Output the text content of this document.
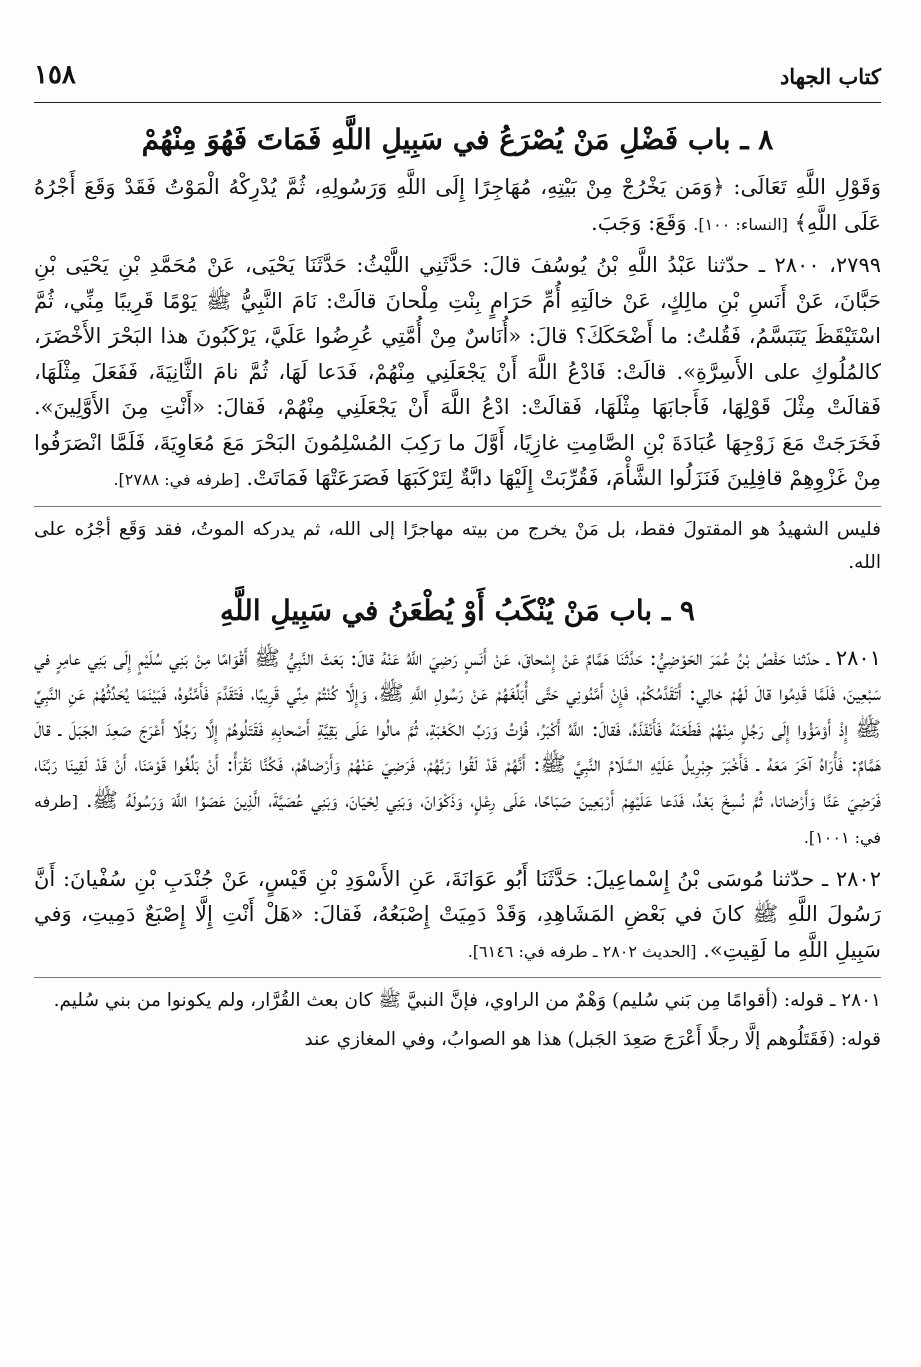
كتاب الجهاد
١٥٨
٨ ـ باب فَضْلِ مَنْ يُصْرَعُ في سَبِيلِ اللَّهِ فَمَاتَ فَهُوَ مِنْهُمْ

وَقَوْلِ اللَّهِ تَعَالَى: ﴿وَمَن يَخْرُجْ مِنْ بَيْتِهِ، مُهَاجِرًا إِلَى اللَّهِ وَرَسُولِهِ، ثُمَّ يُدْرِكْهُ الْمَوْتُ فَقَدْ وَقَعَ أَجْرُهُ عَلَى اللَّهِ﴾ [النساء: ١٠٠]. وَقَعَ: وَجَبَ.

٢٧٩٩، ٢٨٠٠ ـ حدّثنا عَبْدُ اللَّهِ بْنُ يُوسُفَ قالَ: حَدَّثَنِي اللَّيْثُ: حَدَّثَنَا يَحْيَى، عَنْ مُحَمَّدِ بْنِ يَحْيَى بْنِ حَبَّانَ، عَنْ أَنَسِ بْنِ مالِكٍ، عَنْ خالَتِهِ أُمِّ حَرَامٍ بِنْتِ مِلْحانَ قالَتْ: نَامَ النَّبِيُّ ﷺ يَوْمًا قَرِيبًا مِنِّي، ثُمَّ اسْتَيْقَظَ يَتَبَسَّمُ، فَقُلتُ: ما أَضْحَكَكَ؟ قالَ: «أُنَاسٌ مِنْ أُمَّتِي عُرِضُوا عَلَيَّ، يَرْكَبُونَ هذا البَحْرَ الأَخْضَرَ، كالمُلُوكِ على الأَسِرَّةِ». قالَتْ: فَادْعُ اللَّهَ أَنْ يَجْعَلَنِي مِنْهُمْ، فَدَعا لَهَا، ثُمَّ نامَ الثَّانِيَةَ، فَفَعَلَ مِثْلَهَا، فَقالَتْ مِثْلَ قَوْلِهَا، فَأَجابَهَا مِثْلَهَا، فَقالَتْ: ادْعُ اللَّهَ أَنْ يَجْعَلَنِي مِنْهُمْ، فَقالَ: «أَنْتِ مِنَ الأَوَّلِينَ». فَخَرَجَتْ مَعَ زَوْجِهَا عُبَادَةَ بْنِ الصَّامِتِ غازِيًا، أَوَّلَ ما رَكِبَ المُسْلِمُونَ البَحْرَ مَعَ مُعَاوِيَةَ، فَلَمَّا انْصَرَفُوا مِنْ غَزْوِهِمْ قافِلِينَ فَنَزَلُوا الشَّأْمَ، فَقُرِّبَتْ إِلَيْهَا دابَّةٌ لِتَرْكَبَهَا فَصَرَعَتْهَا فَمَاتَتْ. [طرفه في: ٢٧٨٨].

فليس الشهيدُ هو المقتولَ فقط، بل مَنْ يخرج من بيته مهاجرًا إلى الله، ثم يدركه الموتُ، فقد وَقَع أجْرُه على الله.

٩ ـ باب مَنْ يُنْكَبُ أَوْ يُطْعَنُ في سَبِيلِ اللَّهِ

٢٨٠١ ـ حدّثنا حَفْصُ بْنُ عُمَرَ الحَوْضِيُّ: حَدَّثَنَا هَمَّامٌ عَنْ إِسْحاقَ، عَنْ أَنَسٍ رَضِيَ اللَّهُ عَنْهُ قالَ: بَعَثَ النَّبِيُّ ﷺ أَقْوَامًا مِنْ بَنِي سُلَيْمٍ إِلَى بَنِي عامِرٍ في سَبْعِينَ، فَلَمَّا قَدِمُوا قالَ لَهُمْ خالِي: أَتَقَدَّمُكُمْ، فَإِنْ أَمَّنُونِي حَتَّى أُبَلِّغَهُمْ عَنْ رَسُولِ اللَّهِ ﷺ، وَإِلَّا كُنْتُمْ مِنِّي قَرِيبًا، فَتَقَدَّمَ فَأَمَّنُوهُ، فَبَيْنَمَا يُحَدِّثُهُمْ عَنِ النَّبِيِّ ﷺ إِذْ أَوْمَؤُوا إِلَى رَجُلٍ مِنْهُمْ فَطَعَنَهُ فَأَنْفَذَهُ، فَقالَ: اللَّهُ أَكْبَرُ، فُزْتُ وَرَبِّ الكَعْبَةِ، ثُمَّ مالُوا عَلَى بَقِيَّةِ أَصْحابِهِ فَقَتَلُوهُمْ إِلَّا رَجُلًا أَعْرَجَ صَعِدَ الجَبَلَ ـ قالَ هَمَّامٌ: فَأُرَاهُ آخَرَ مَعَهُ ـ فَأَخْبَرَ جِبْرِيلُ عَلَيْهِ السَّلَامُ النَّبِيَّ ﷺ: أَنَّهُمْ قَدْ لَقُوا رَبَّهُمْ، فَرَضِيَ عَنْهُمْ وَأَرْضاهُمْ، فَكُنَّا نَقْرَأُ: أَنْ بَلِّغُوا قَوْمَنَا، أَنْ قَدْ لَقِينَا رَبَّنَا، فَرَضِيَ عَنَّا وَأَرْضانا، ثُمَّ نُسِخَ بَعْدُ، فَدَعا عَلَيْهِمْ أَرْبَعِينَ صَبَاحًا، عَلَى رِعْلٍ، وَذَكْوَانَ، وَبَنِي لِحْيَانَ، وَبَنِي عُصَيَّةَ، الَّذِينَ عَصَوُا اللَّهَ وَرَسُولَهُ ﷺ. [طرفه في: ١٠٠١].

٢٨٠٢ ـ حدّثنا مُوسَى بْنُ إِسْماعِيلَ: حَدَّثَنَا أَبُو عَوَانَةَ، عَنِ الأَسْوَدِ بْنِ قَيْسٍ، عَنْ جُنْدَبِ بْنِ سُفْيانَ: أَنَّ رَسُولَ اللَّهِ ﷺ كانَ في بَعْضِ المَشَاهِدِ، وَقَدْ دَمِيَتْ إِصْبَعُهُ، فَقالَ: «هَلْ أَنْتِ إِلَّا إِصْبَعٌ دَمِيتِ، وَفي سَبِيلِ اللَّهِ ما لَقِيتِ». [الحديث ٢٨٠٢ ـ طرفه في: ٦١٤٦].

٢٨٠١ ـ قوله: (أقوامًا مِن بَني سُليم) وَهْمٌ من الراوي، فإنَّ النبيَّ ﷺ كان بعث القُرَّار، ولم يكونوا من بني سُليم.

قوله: (فَقَتَلُوهم إلَّا رجلًا أَعْرَجَ صَعِدَ الجَبل) هذا هو الصوابُ، وفي المغازي عند
